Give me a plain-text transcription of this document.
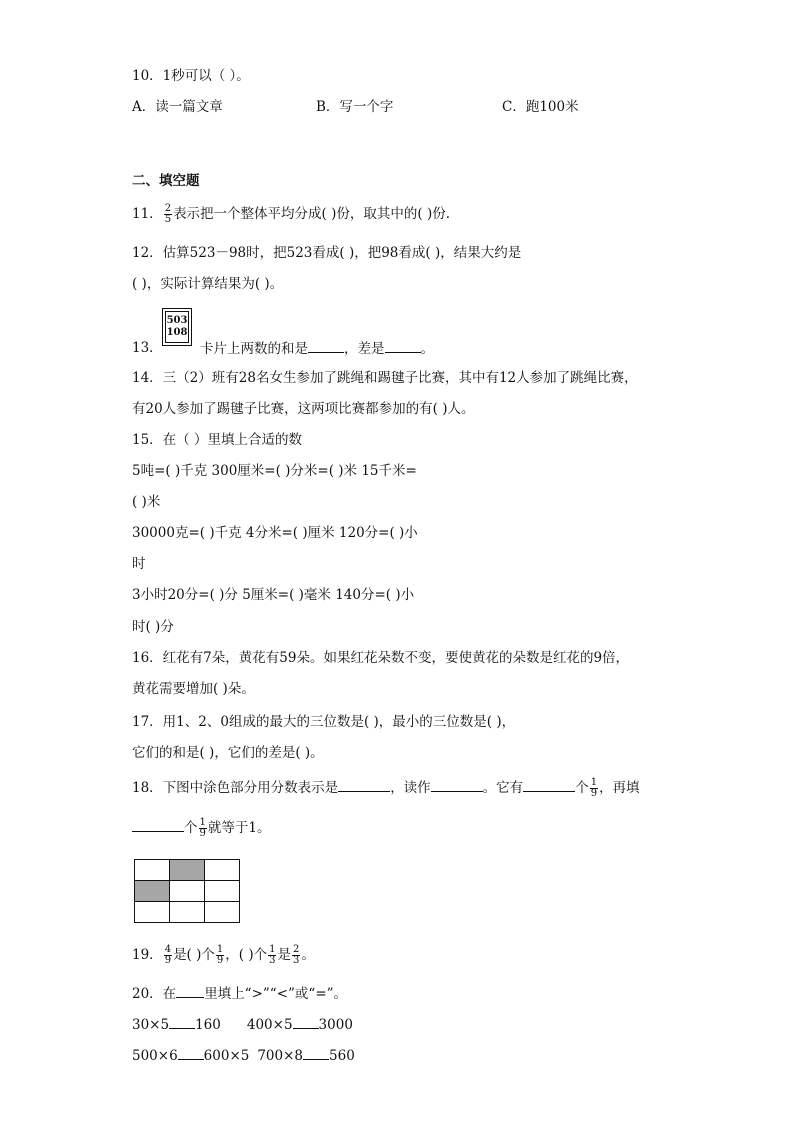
10．1秒可以（ ）。
A．读一篇文章	B．写一个字	C．跑100米
二、填空题
11． $\frac{2}{5}$ 表示把一个整体平均分成( )份，取其中的( )份.
12．估算523－98时，把523看成( )，把98看成( )，结果大约是
( )，实际计算结果为( )。
13．
503
108
卡片上两数的和是	，差是	。
14．三（2）班有28名女生参加了跳绳和踢毽子比赛，其中有12人参加了跳绳比赛，
有20人参加了踢毽子比赛，这两项比赛都参加的有( )人。
15．在（ ）里填上合适的数
5吨=( )千克 300厘米=( )分米=( )米 15千米=
( )米
30000克=( )千克 4分米=( )厘米 120分=( )小
时
3小时20分=( )分 5厘米=( )毫米 140分=( )小
时( )分
16．红花有7朵，黄花有59朵。如果红花朵数不变，要使黄花的朵数是红花的9倍，
黄花需要增加( )朵。
17．用1、2、0组成的最大的三位数是( )，最小的三位数是( )，
它们的和是( )，它们的差是( )。
18．下图中涂色部分用分数表示是	，读作	。它有	个 $\frac{1}{9}$ ，再填
个 $\frac{1}{9}$ 就等于1。

19． $\frac{4}{9}$ 是( )个 $\frac{1}{9}$ ，( )个 $\frac{1}{3}$ 是 $\frac{2}{3}$ 。
20．在 里填上“>”“<”或“=”。
30×5 160 400×5 3000
500×6 600×5 700×8 560
